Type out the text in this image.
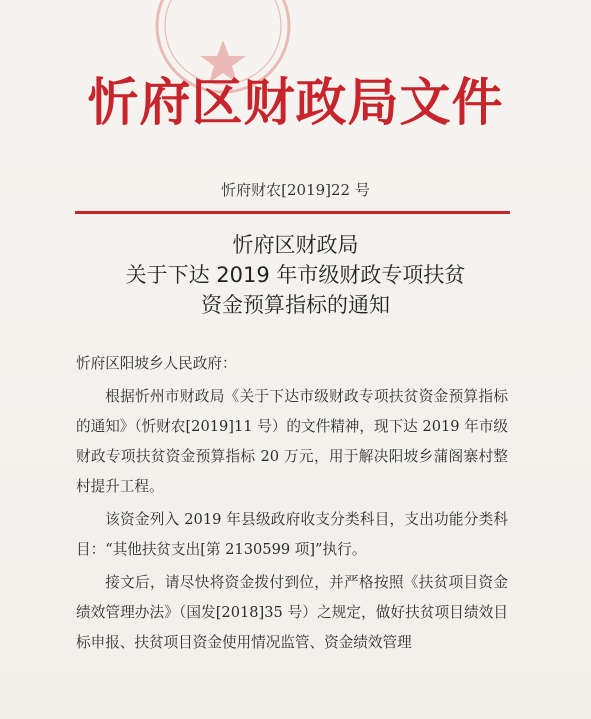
忻府区财政局文件
忻府财农[2019]22 号
忻府区财政局
关于下达 2019 年市级财政专项扶贫
资金预算指标的通知

忻府区阳坡乡人民政府：

根据忻州市财政局《关于下达市级财政专项扶贫资金预算指标的通知》（忻财农[2019]11 号）的文件精神，现下达 2019 年市级财政专项扶贫资金预算指标 20 万元，用于解决阳坡乡蒲阁寨村整村提升工程。

该资金列入 2019 年县级政府收支分类科目，支出功能分类科目：“其他扶贫支出[第 2130599 项]”执行。

接文后，请尽快将资金拨付到位，并严格按照《扶贫项目资金绩效管理办法》（国发[2018]35 号）之规定，做好扶贫项目绩效目标申报、扶贫项目资金使用情况监管、资金绩效管理
